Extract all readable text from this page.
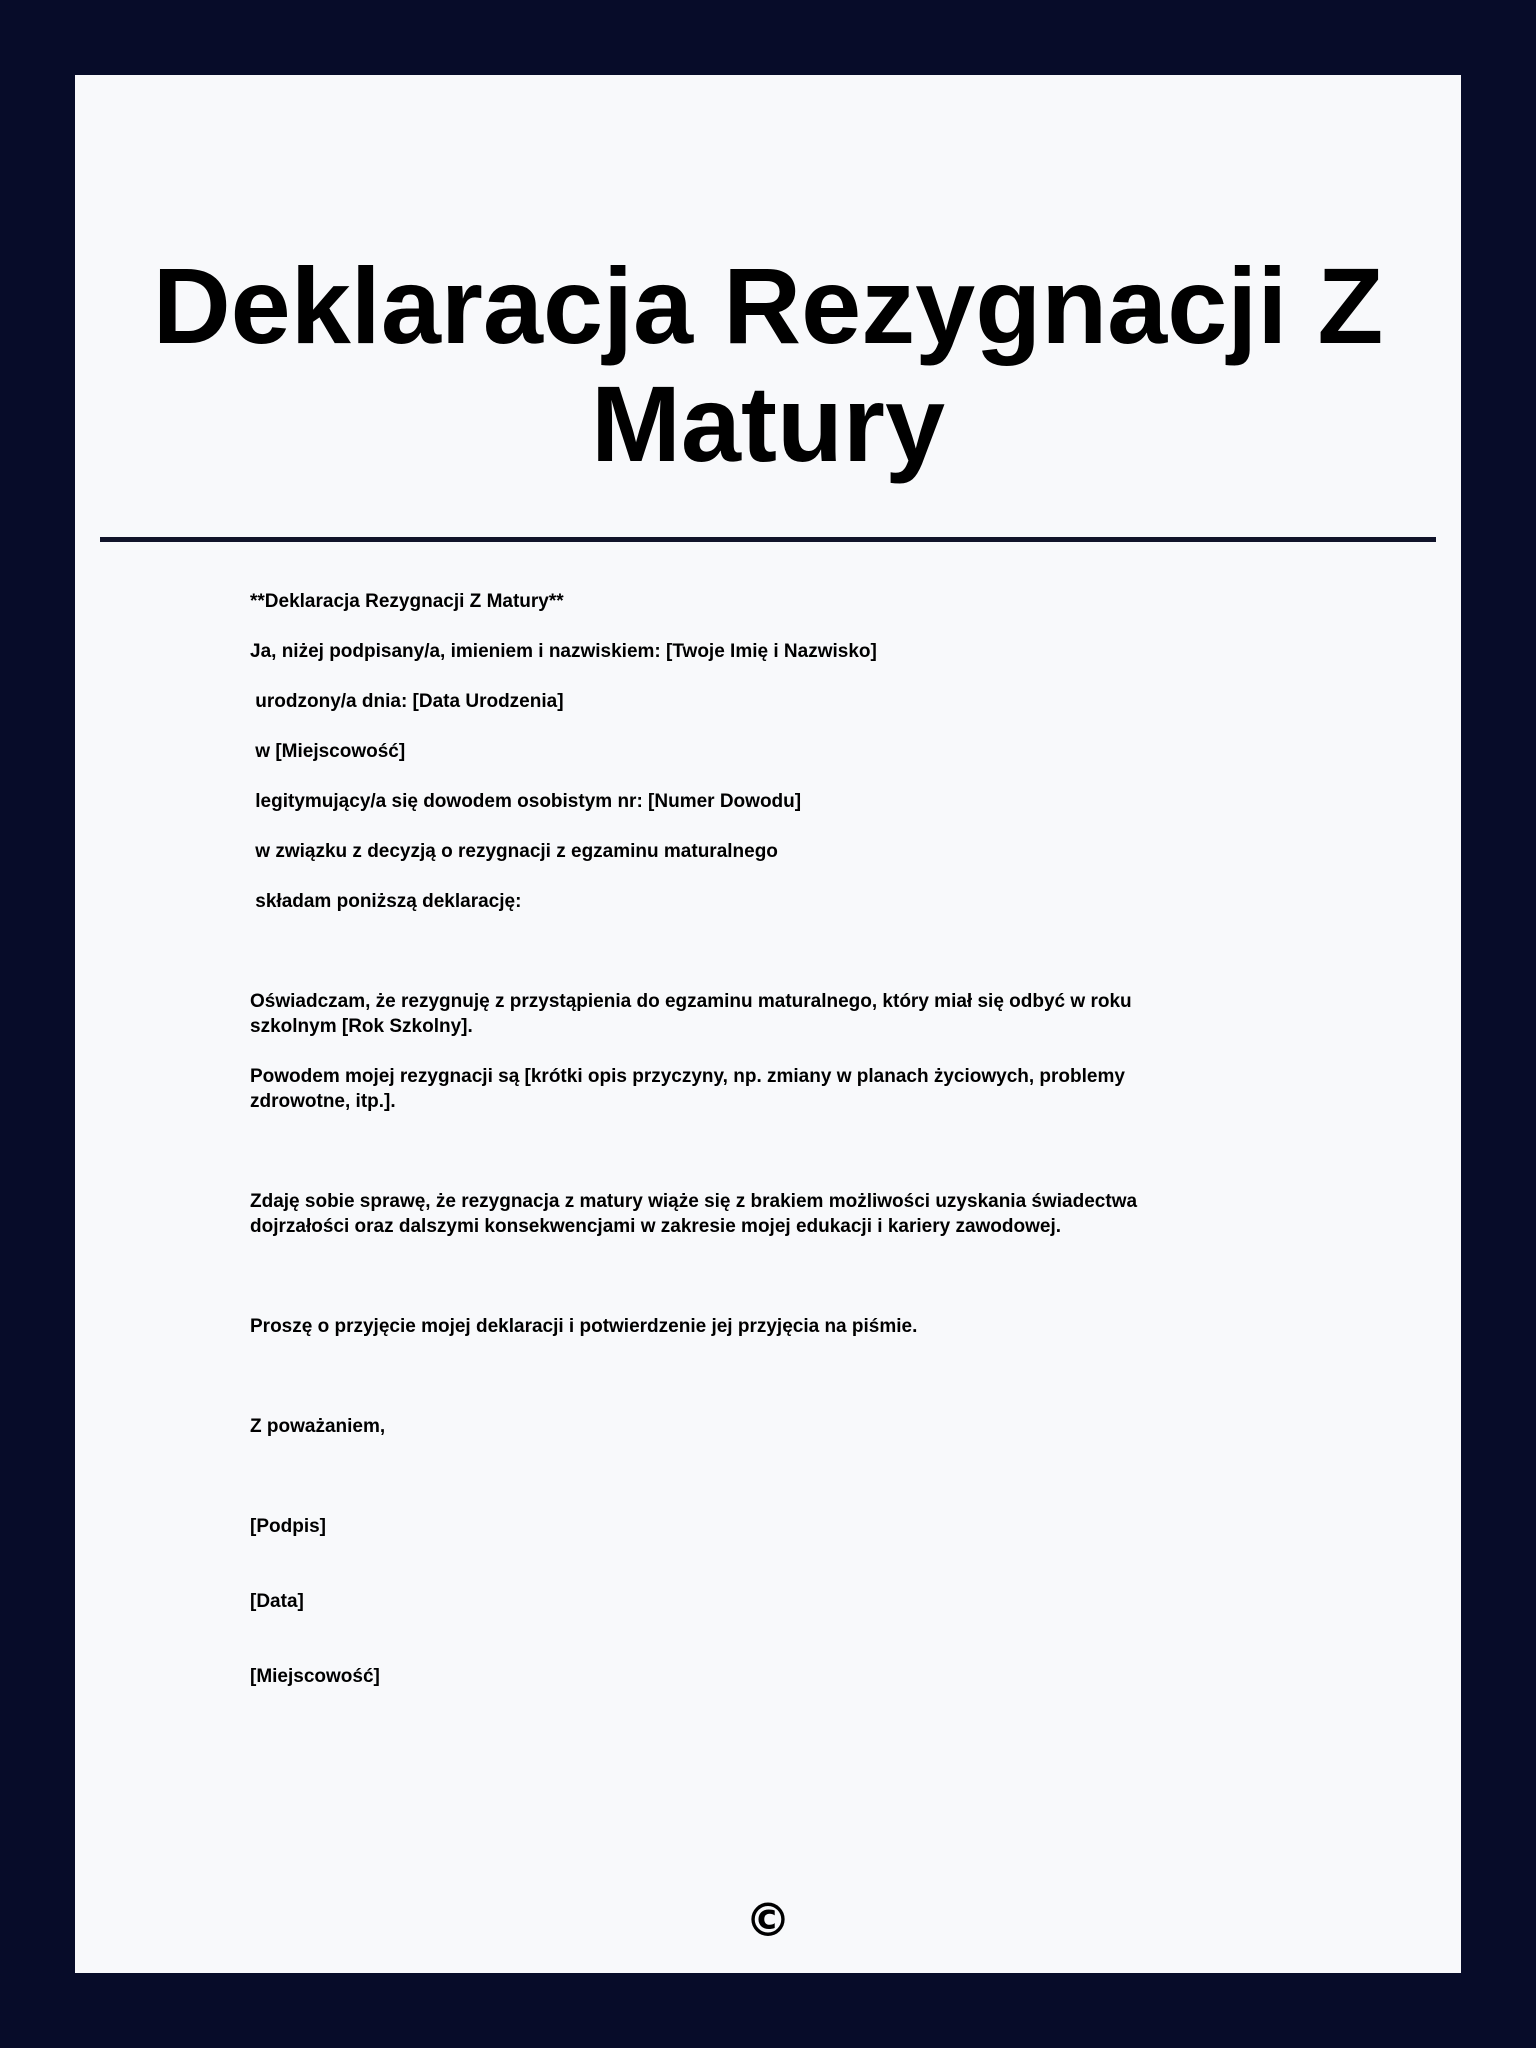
Deklaracja Rezygnacji Z Matury
**Deklaracja Rezygnacji Z Matury**
Ja, niżej podpisany/a, imieniem i nazwiskiem: [Twoje Imię i Nazwisko]
urodzony/a dnia: [Data Urodzenia]
w [Miejscowość]
legitymujący/a się dowodem osobistym nr: [Numer Dowodu]
w związku z decyzją o rezygnacji z egzaminu maturalnego
składam poniższą deklarację:
Oświadczam, że rezygnuję z przystąpienia do egzaminu maturalnego, który miał się odbyć w roku szkolnym [Rok Szkolny].
Powodem mojej rezygnacji są [krótki opis przyczyny, np. zmiany w planach życiowych, problemy zdrowotne, itp.].
Zdaję sobie sprawę, że rezygnacja z matury wiąże się z brakiem możliwości uzyskania świadectwa dojrzałości oraz dalszymi konsekwencjami w zakresie mojej edukacji i kariery zawodowej.
Proszę o przyjęcie mojej deklaracji i potwierdzenie jej przyjęcia na piśmie.
Z poważaniem,
[Podpis]
[Data]
[Miejscowość]
©
